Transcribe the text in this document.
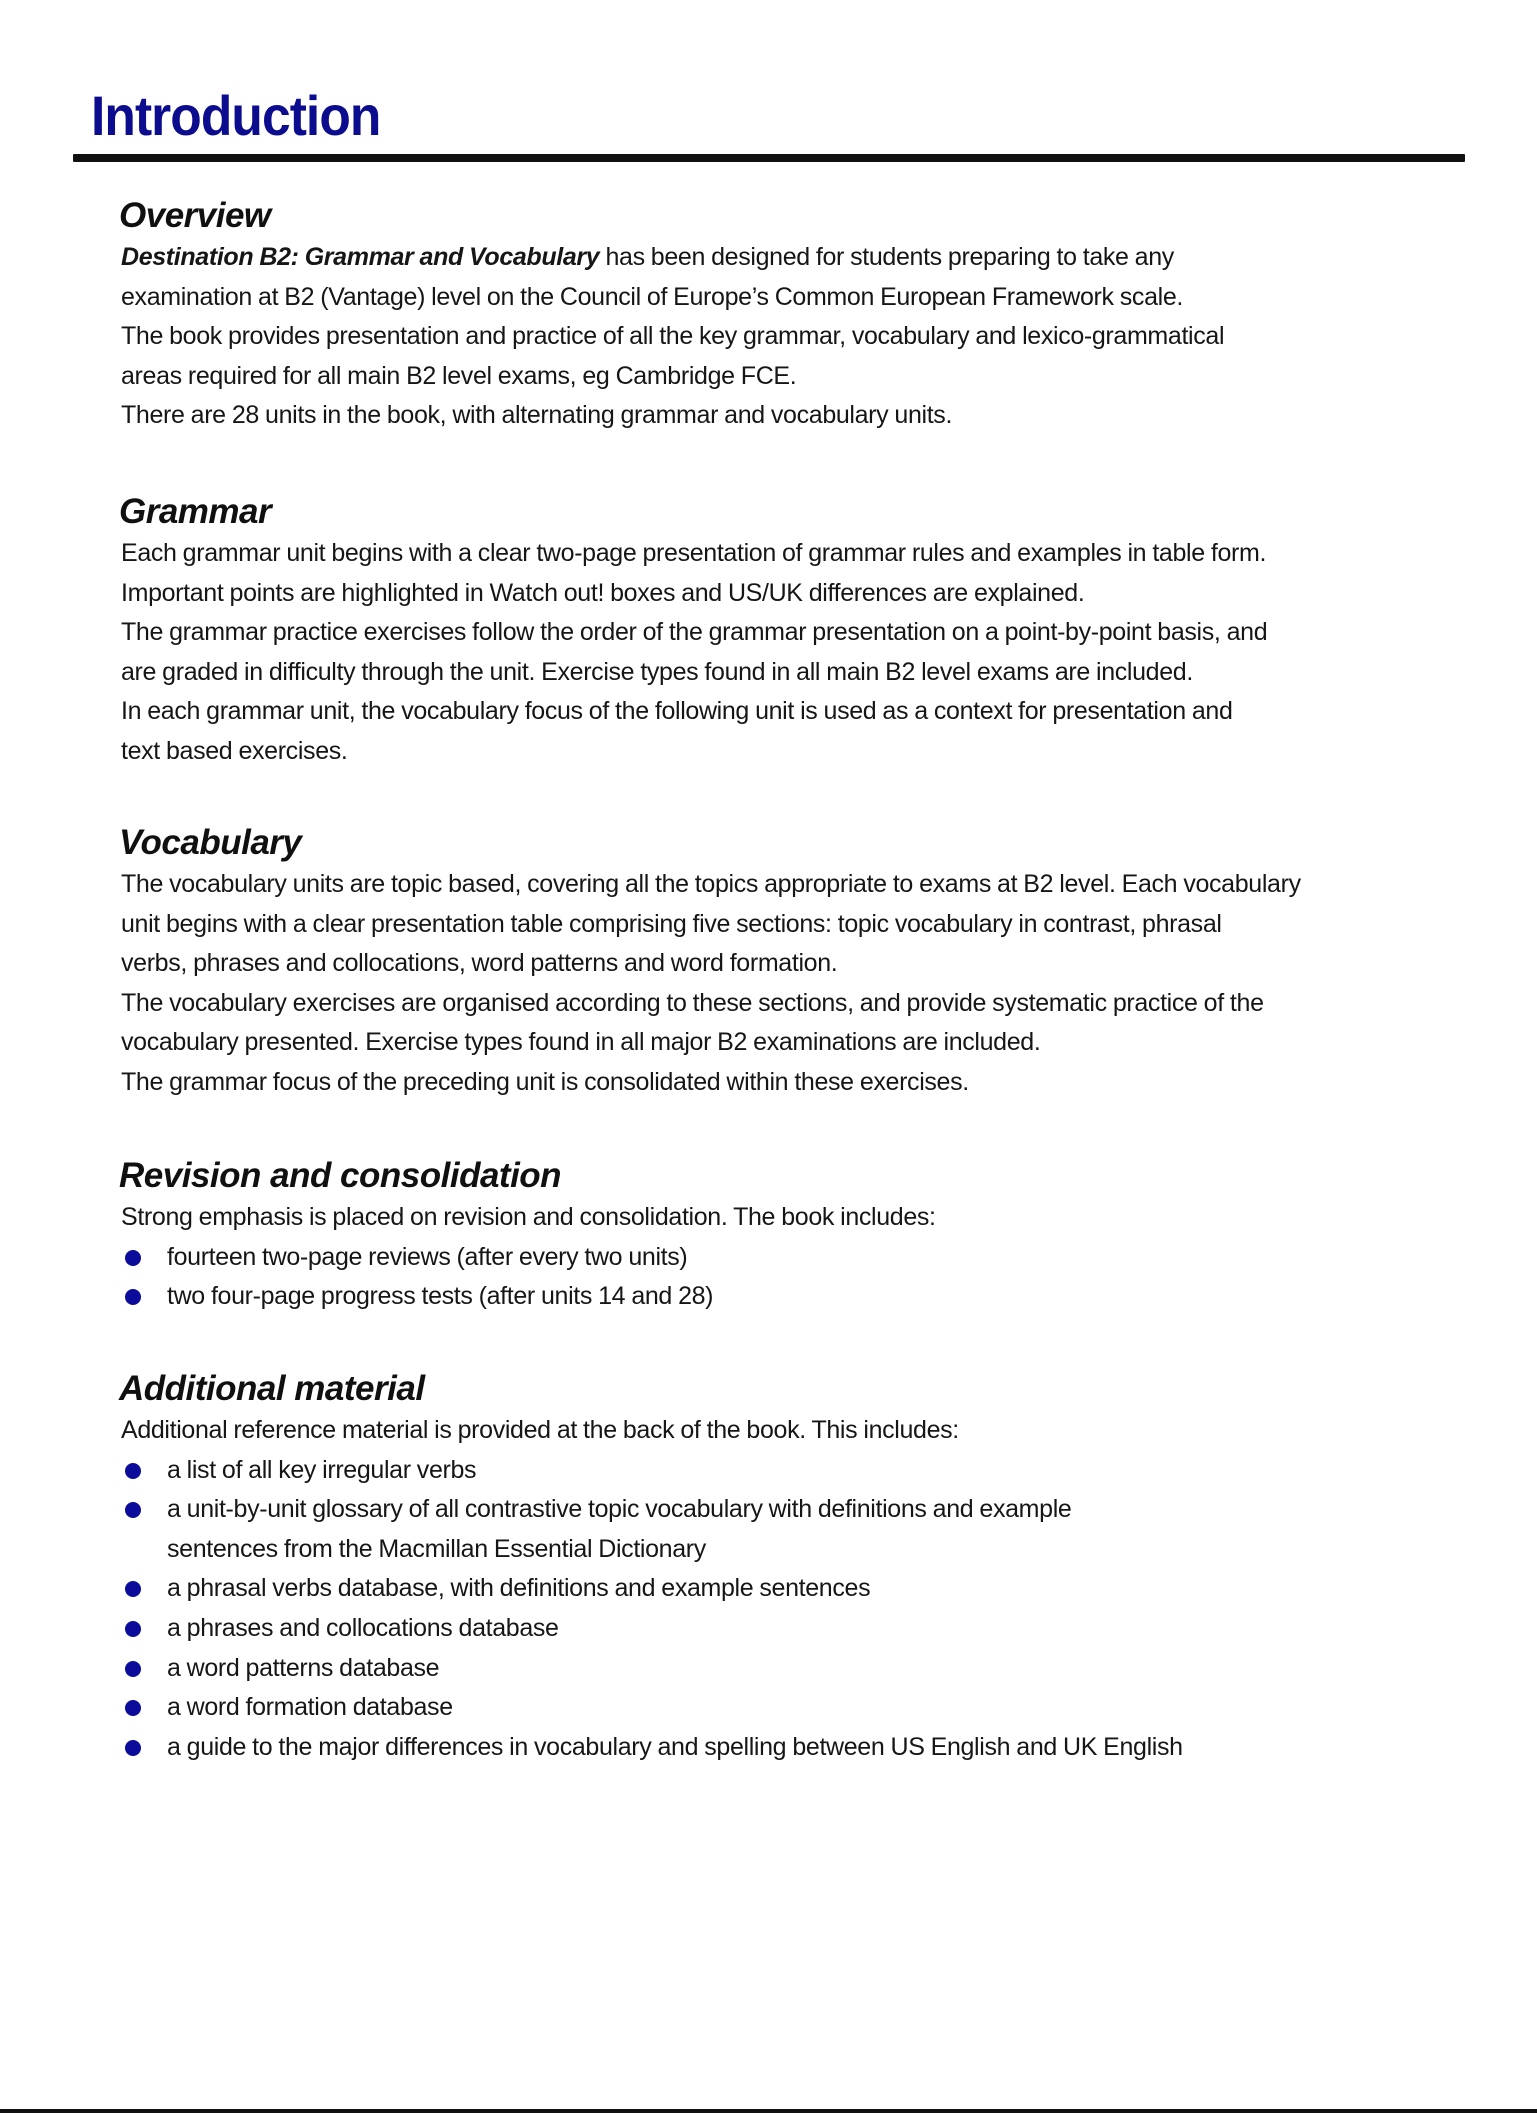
Introduction
Overview

Destination B2: Grammar and Vocabulary has been designed for students preparing to take any

examination at B2 (Vantage) level on the Council of Europe’s Common European Framework scale.

The book provides presentation and practice of all the key grammar, vocabulary and lexico-grammatical

areas required for all main B2 level exams, eg Cambridge FCE.

There are 28 units in the book, with alternating grammar and vocabulary units.

Grammar

Each grammar unit begins with a clear two-page presentation of grammar rules and examples in table form.

Important points are highlighted in Watch out! boxes and US/UK differences are explained.

The grammar practice exercises follow the order of the grammar presentation on a point-by-point basis, and

are graded in difficulty through the unit. Exercise types found in all main B2 level exams are included.

In each grammar unit, the vocabulary focus of the following unit is used as a context for presentation and

text based exercises.

Vocabulary

The vocabulary units are topic based, covering all the topics appropriate to exams at B2 level. Each vocabulary

unit begins with a clear presentation table comprising five sections: topic vocabulary in contrast, phrasal

verbs, phrases and collocations, word patterns and word formation.

The vocabulary exercises are organised according to these sections, and provide systematic practice of the

vocabulary presented. Exercise types found in all major B2 examinations are included.

The grammar focus of the preceding unit is consolidated within these exercises.

Revision and consolidation

Strong emphasis is placed on revision and consolidation. The book includes:

fourteen two-page reviews (after every two units)
two four-page progress tests (after units 14 and 28)
Additional material

Additional reference material is provided at the back of the book. This includes:

a list of all key irregular verbs
a unit-by-unit glossary of all contrastive topic vocabulary with definitions and example sentences from the Macmillan Essential Dictionary
a phrasal verbs database, with definitions and example sentences
a phrases and collocations database
a word patterns database
a word formation database
a guide to the major differences in vocabulary and spelling between US English and UK English
